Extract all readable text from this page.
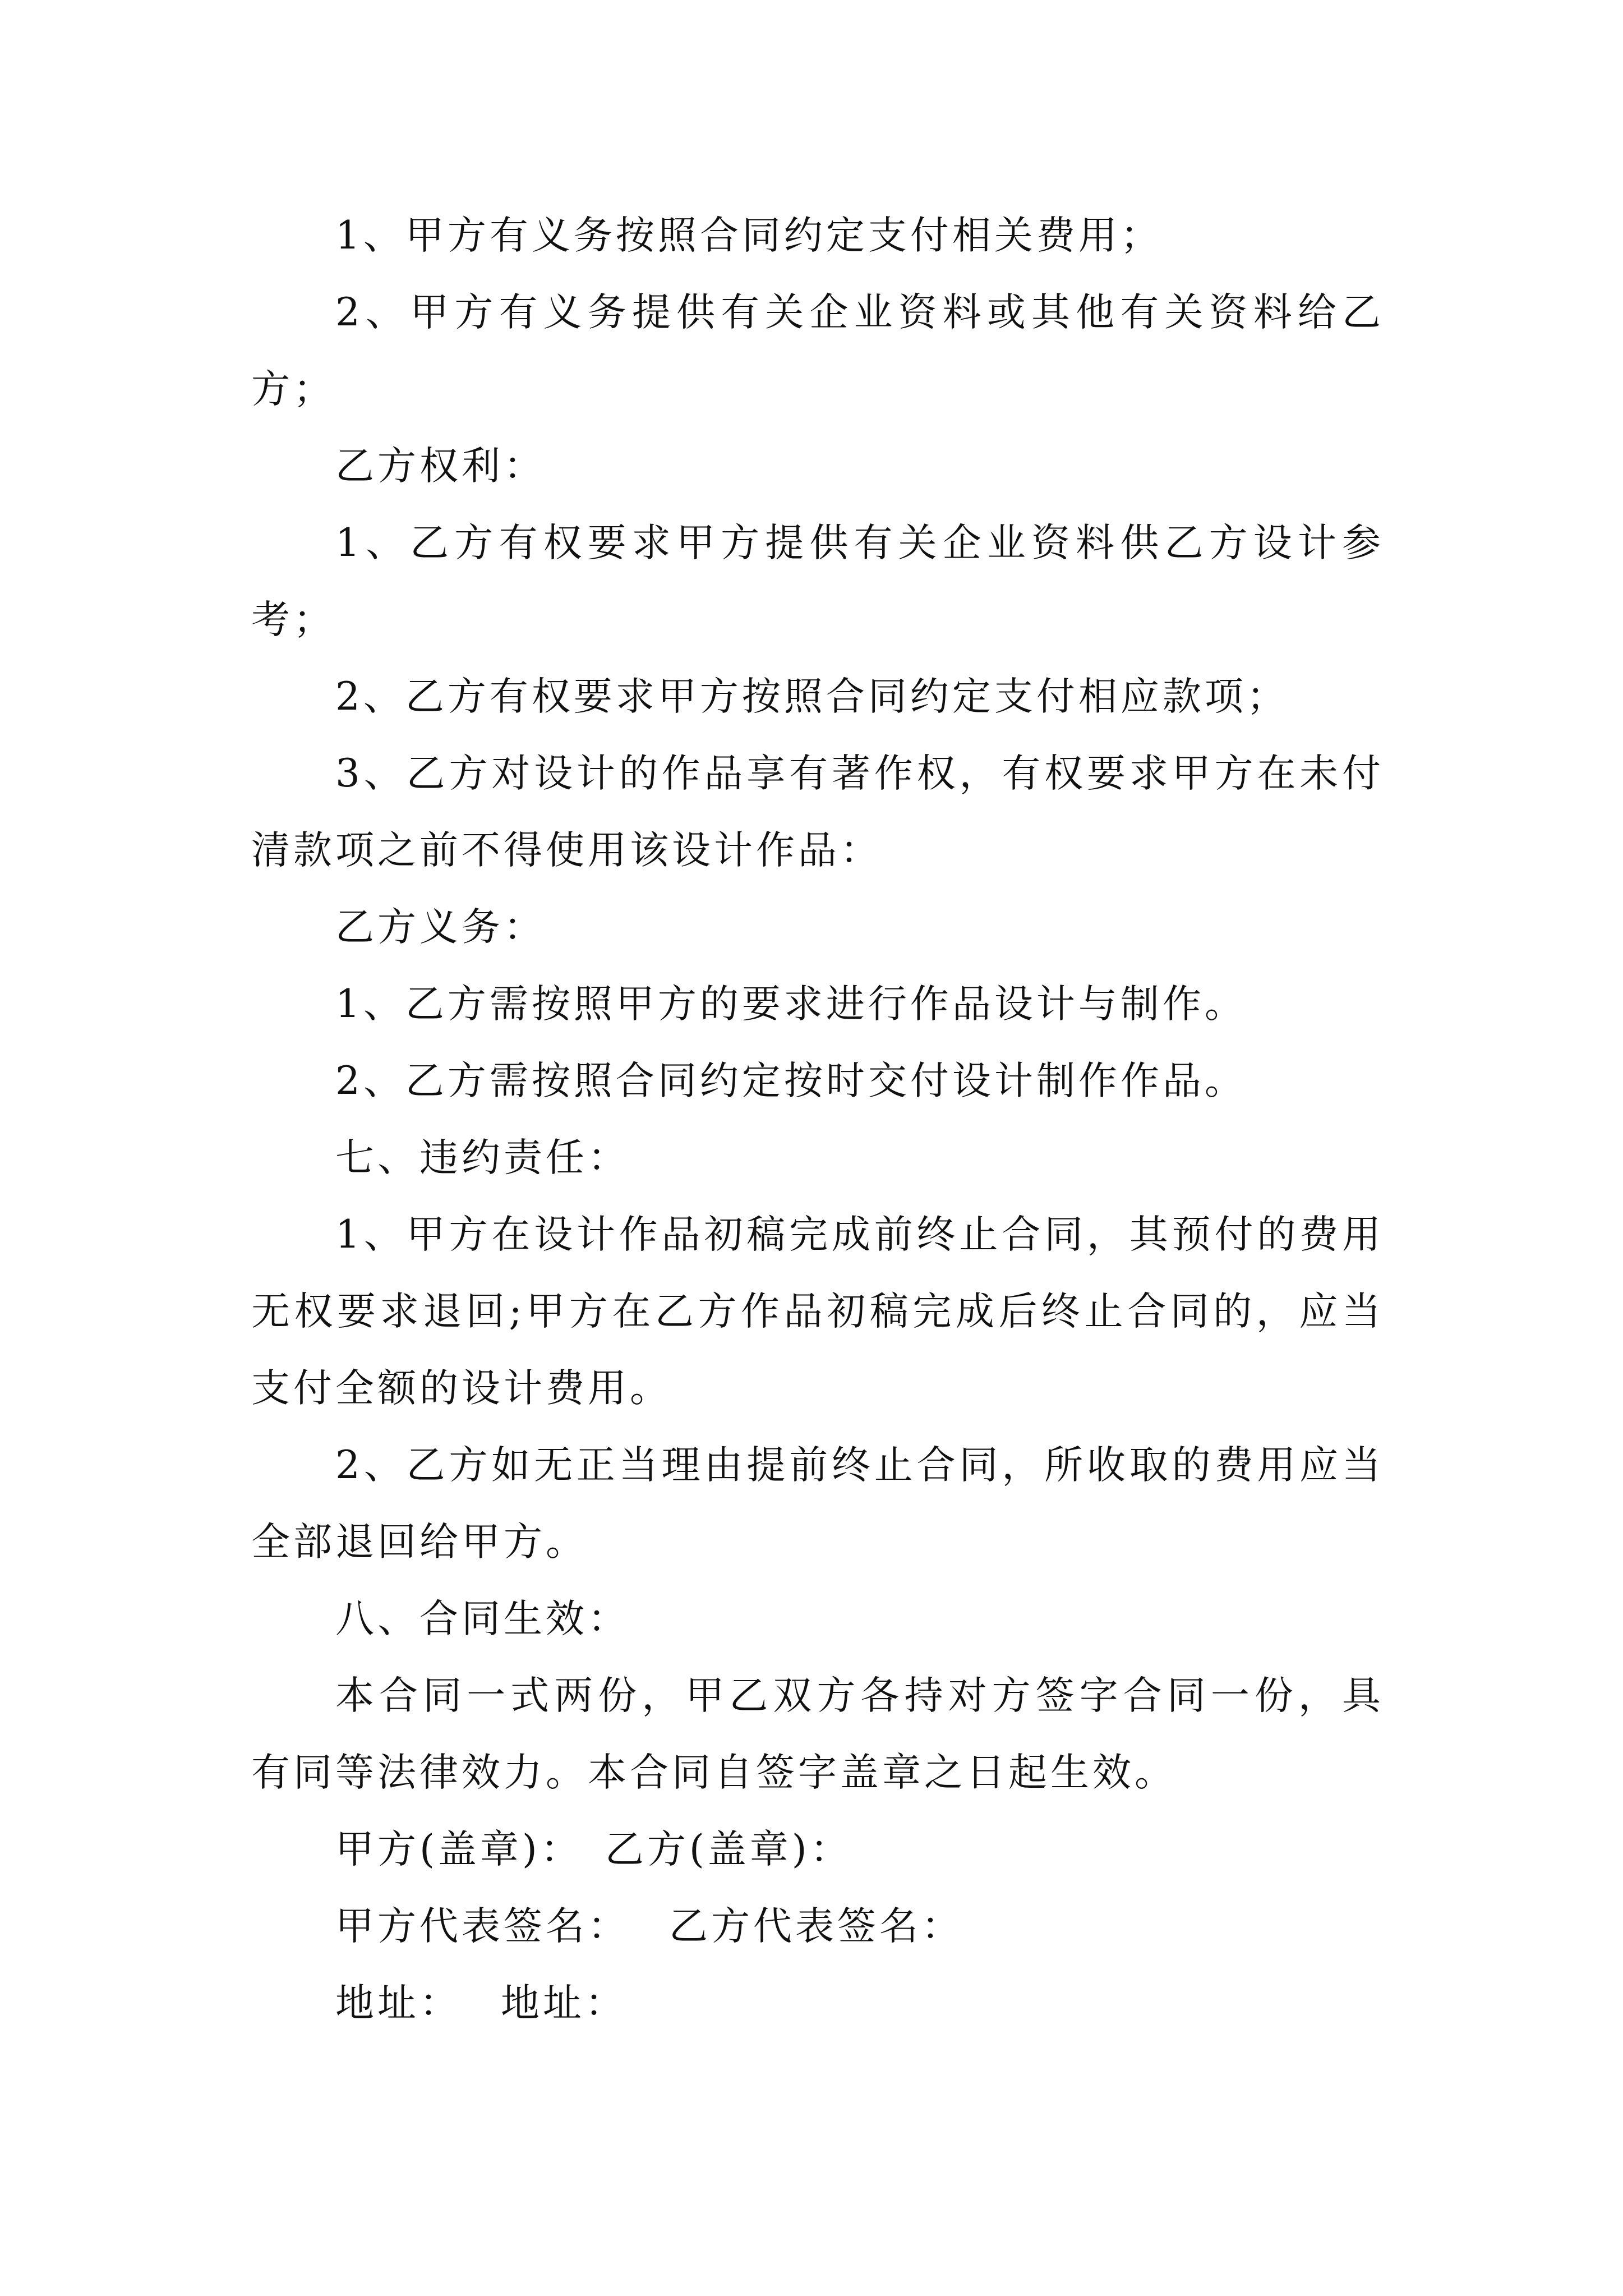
1、甲方有义务按照合同约定支付相关费用；

2、甲方有义务提供有关企业资料或其他有关资料给乙方；

乙方权利：

1、乙方有权要求甲方提供有关企业资料供乙方设计参考；

2、乙方有权要求甲方按照合同约定支付相应款项；

3、乙方对设计的作品享有著作权，有权要求甲方在未付清款项之前不得使用该设计作品：

乙方义务：

1、乙方需按照甲方的要求进行作品设计与制作。

2、乙方需按照合同约定按时交付设计制作作品。

七、违约责任：

1、甲方在设计作品初稿完成前终止合同，其预付的费用无权要求退回;甲方在乙方作品初稿完成后终止合同的，应当支付全额的设计费用。

2、乙方如无正当理由提前终止合同，所收取的费用应当全部退回给甲方。

八、合同生效：

本合同一式两份，甲乙双方各持对方签字合同一份，具有同等法律效力。本合同自签字盖章之日起生效。

甲方(盖章)： 乙方(盖章)：

甲方代表签名： 乙方代表签名：

地址： 地址：
